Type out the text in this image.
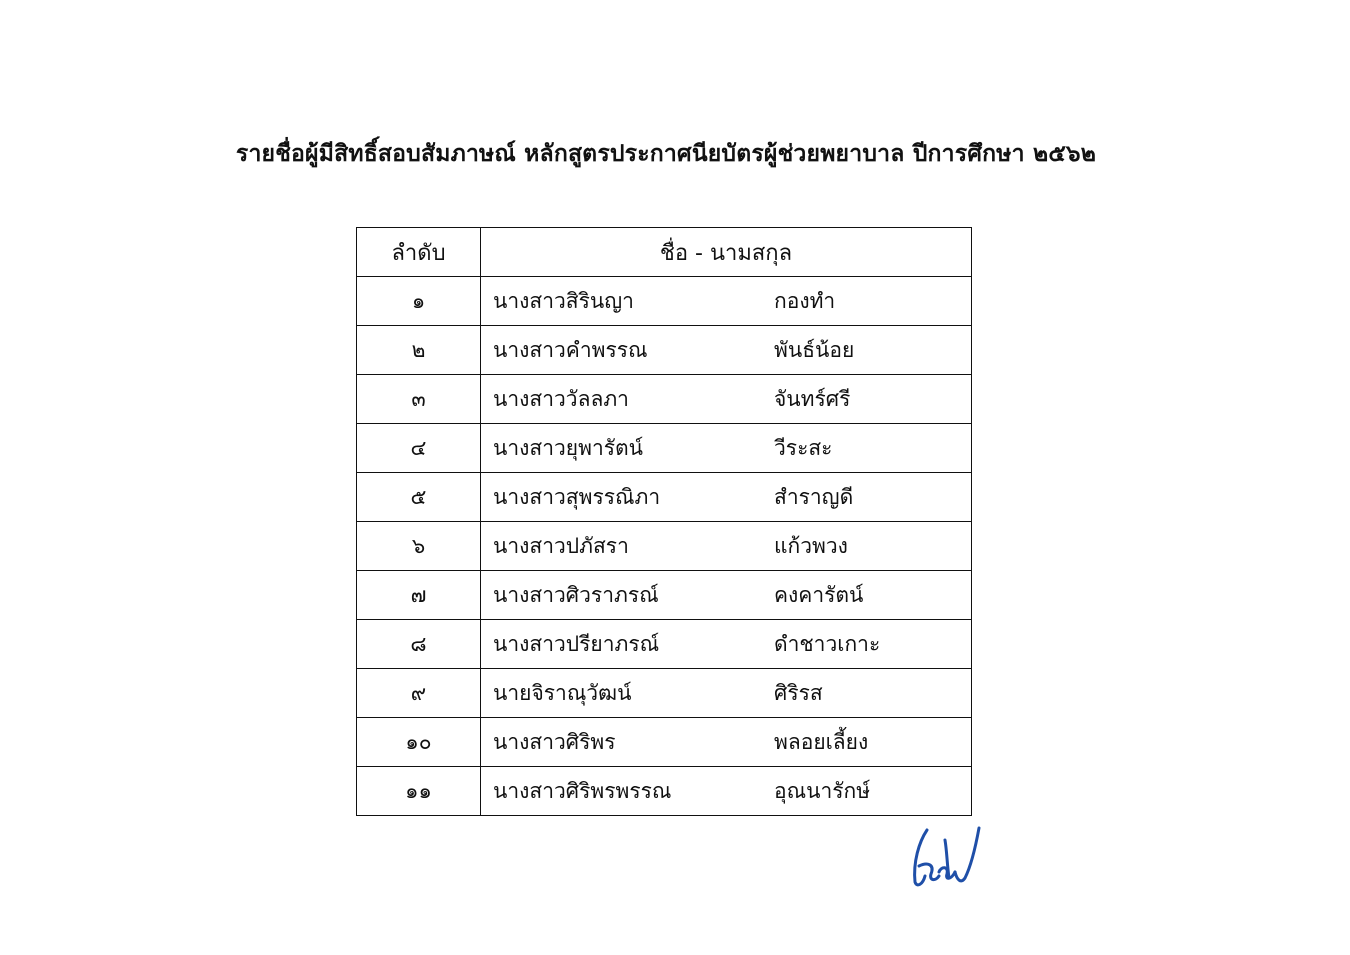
รายชื่อผู้มีสิทธิ์สอบสัมภาษณ์ หลักสูตรประกาศนียบัตรผู้ช่วยพยาบาล ปีการศึกษา ๒๕๖๒
ลำดับ	ชื่อ - นามสกุล
๑	นางสาวสิรินญา กองทำ

๒	นางสาวคำพรรณ พันธ์น้อย

๓	นางสาววัลลภา จันทร์ศรี

๔	นางสาวยุพารัตน์ วีระสะ

๕	นางสาวสุพรรณิภา สำราญดี

๖	นางสาวปภัสรา แก้วพวง

๗	นางสาวศิวราภรณ์ คงคารัตน์

๘	นางสาวปรียาภรณ์ ดำชาวเกาะ

๙	นายจิราณุวัฒน์ ศิริรส

๑๐	นางสาวศิริพร พลอยเลี้ยง

๑๑	นางสาวศิริพรพรรณ อุณนารักษ์
